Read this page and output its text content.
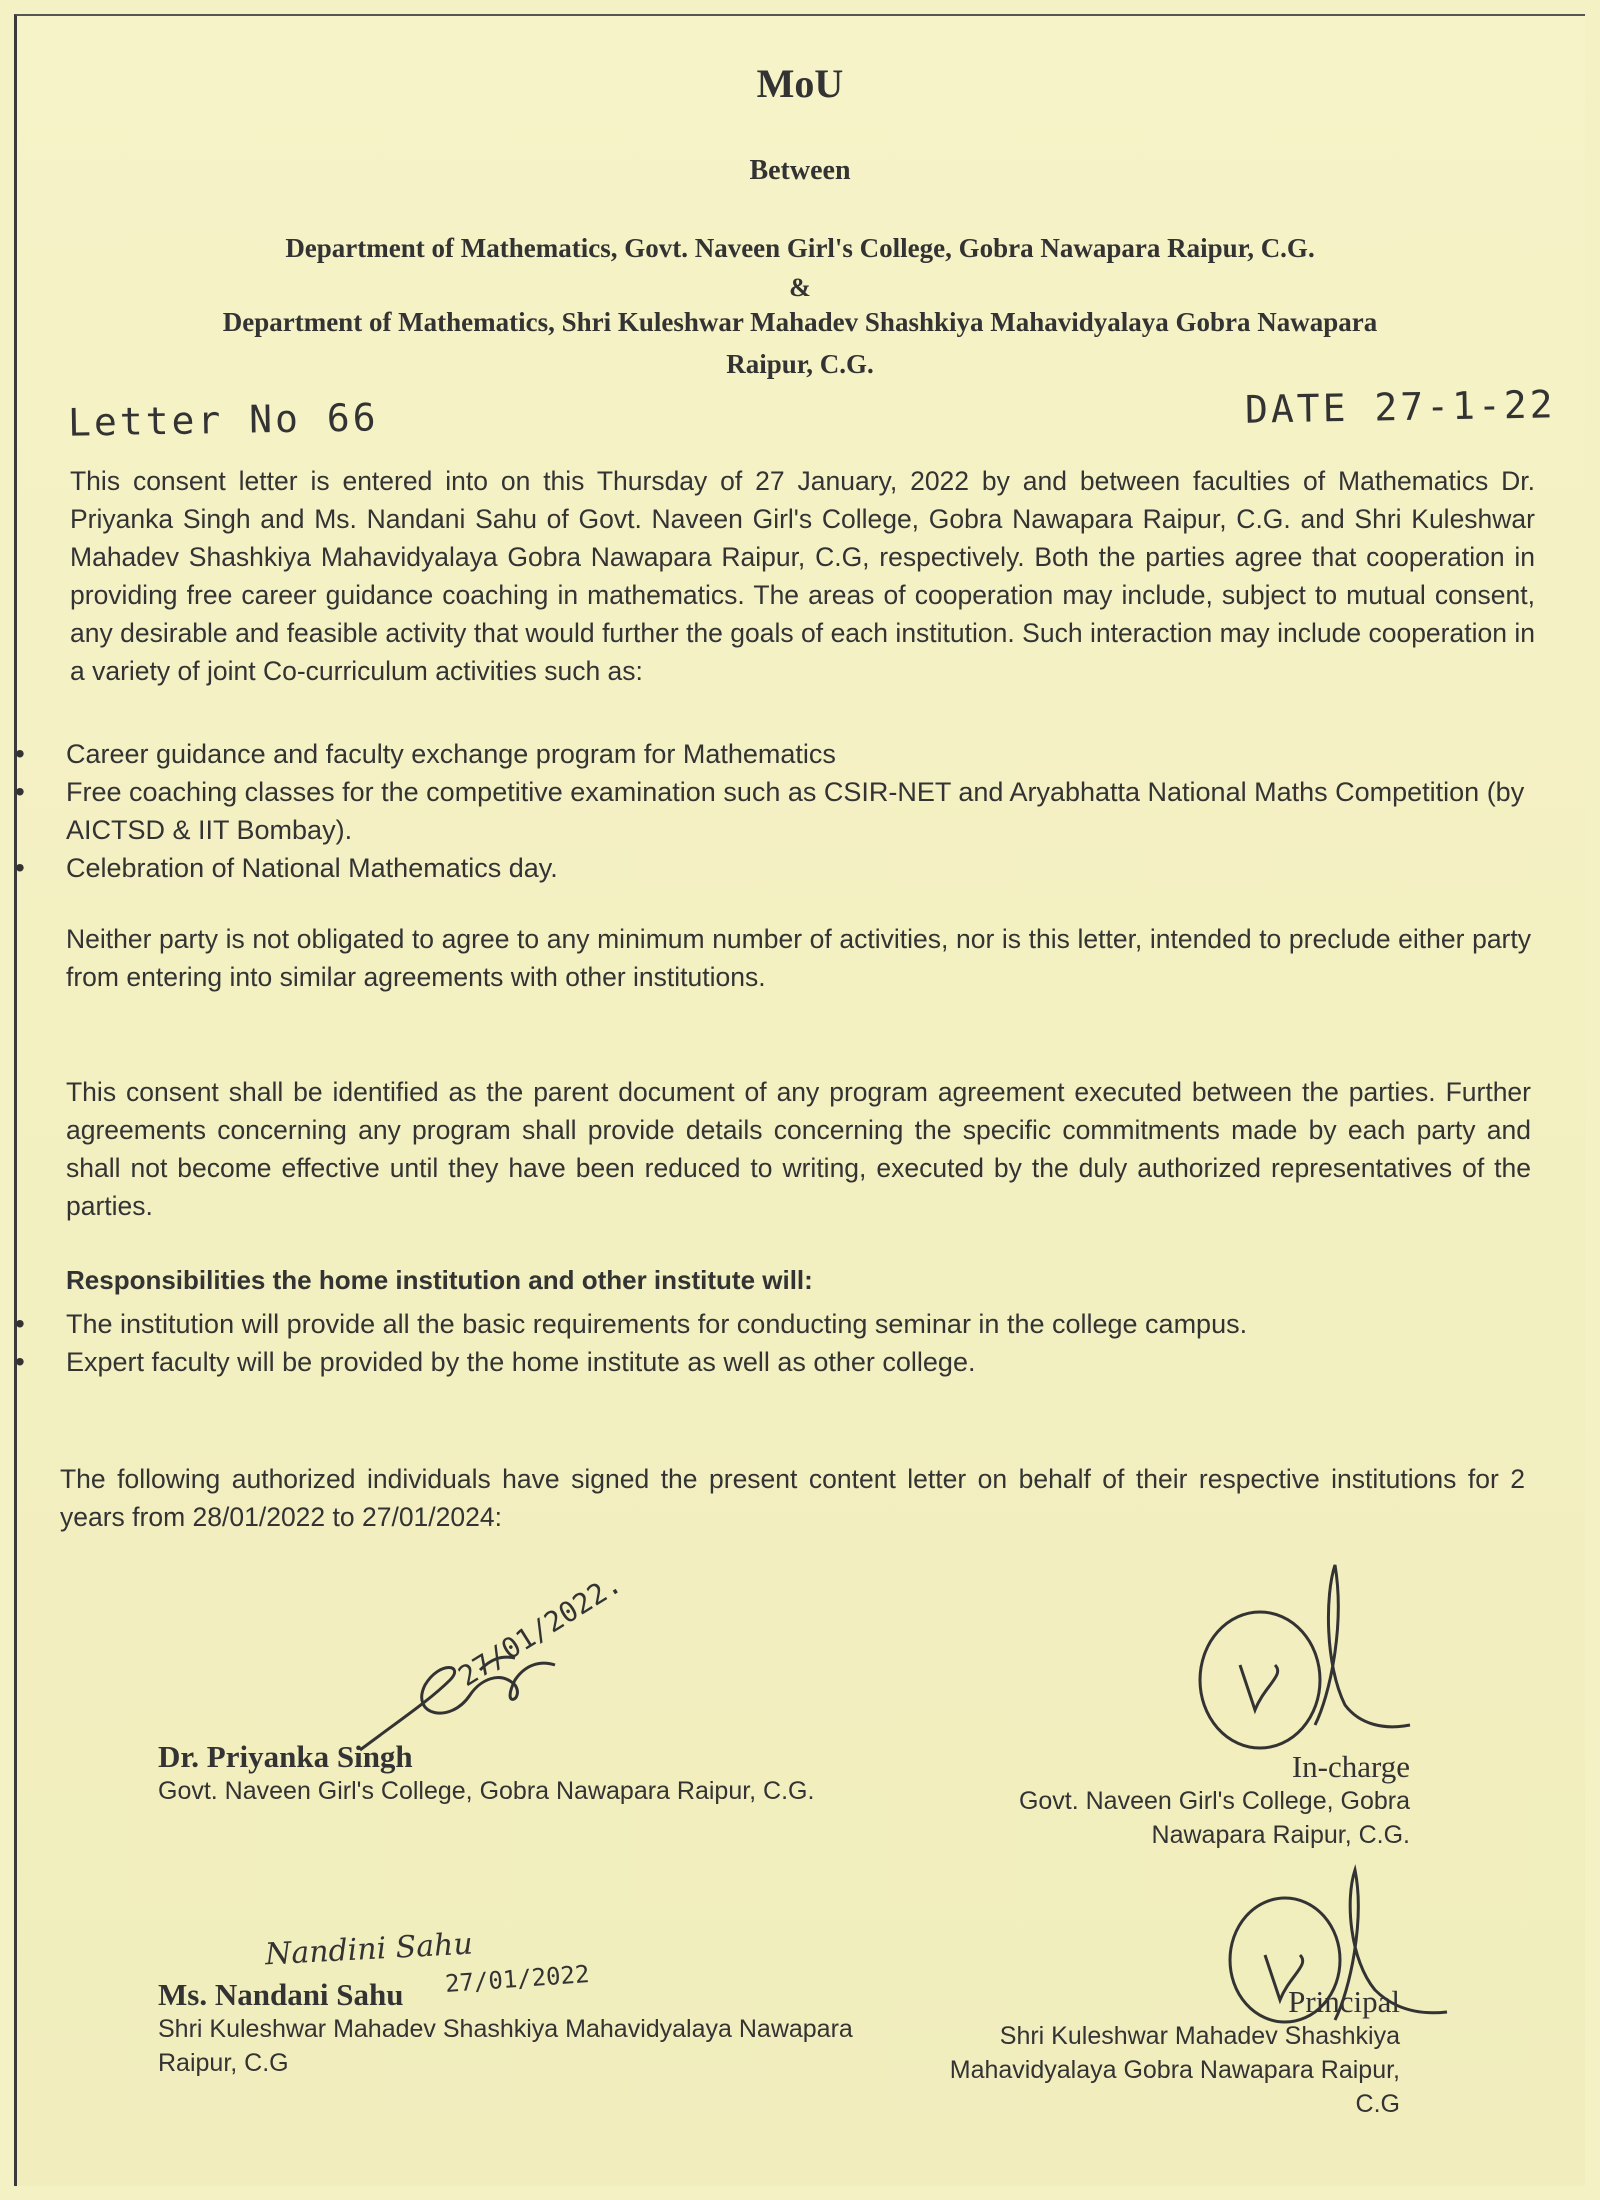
MoU
Between
Department of Mathematics, Govt. Naveen Girl's College, Gobra Nawapara Raipur, C.G.
&
Department of Mathematics, Shri Kuleshwar Mahadev Shashkiya Mahavidyalaya Gobra Nawapara
Raipur, C.G.
Letter No 66	DATE 27-1-22
This consent letter is entered into on this Thursday of 27 January, 2022 by and between faculties of Mathematics Dr. Priyanka Singh and Ms. Nandani Sahu of Govt. Naveen Girl's College, Gobra Nawapara Raipur, C.G. and Shri Kuleshwar Mahadev Shashkiya Mahavidyalaya Gobra Nawapara Raipur, C.G, respectively. Both the parties agree that cooperation in providing free career guidance coaching in mathematics. The areas of cooperation may include, subject to mutual consent, any desirable and feasible activity that would further the goals of each institution. Such interaction may include cooperation in a variety of joint Co-curriculum activities such as:
• Career guidance and faculty exchange program for Mathematics
• Free coaching classes for the competitive examination such as CSIR-NET and Aryabhatta National Maths Competition (by AICTSD & IIT Bombay).
• Celebration of National Mathematics day.
Neither party is not obligated to agree to any minimum number of activities, nor is this letter, intended to preclude either party from entering into similar agreements with other institutions.
This consent shall be identified as the parent document of any program agreement executed between the parties. Further agreements concerning any program shall provide details concerning the specific commitments made by each party and shall not become effective until they have been reduced to writing, executed by the duly authorized representatives of the parties.
Responsibilities the home institution and other institute will:
• The institution will provide all the basic requirements for conducting seminar in the college campus.
• Expert faculty will be provided by the home institute as well as other college.
The following authorized individuals have signed the present content letter on behalf of their respective institutions for 2 years from 28/01/2022 to 27/01/2024:
27/01/2022.
Dr. Priyanka Singh
Govt. Naveen Girl's College, Gobra Nawapara Raipur, C.G.
In-charge
Govt. Naveen Girl's College, Gobra Nawapara Raipur, C.G.
Nandini Sahu
27/01/2022
Ms. Nandani Sahu
Shri Kuleshwar Mahadev Shashkiya Mahavidyalaya Nawapara Raipur, C.G
Principal
Shri Kuleshwar Mahadev Shashkiya Mahavidyalaya Gobra Nawapara Raipur, C.G
